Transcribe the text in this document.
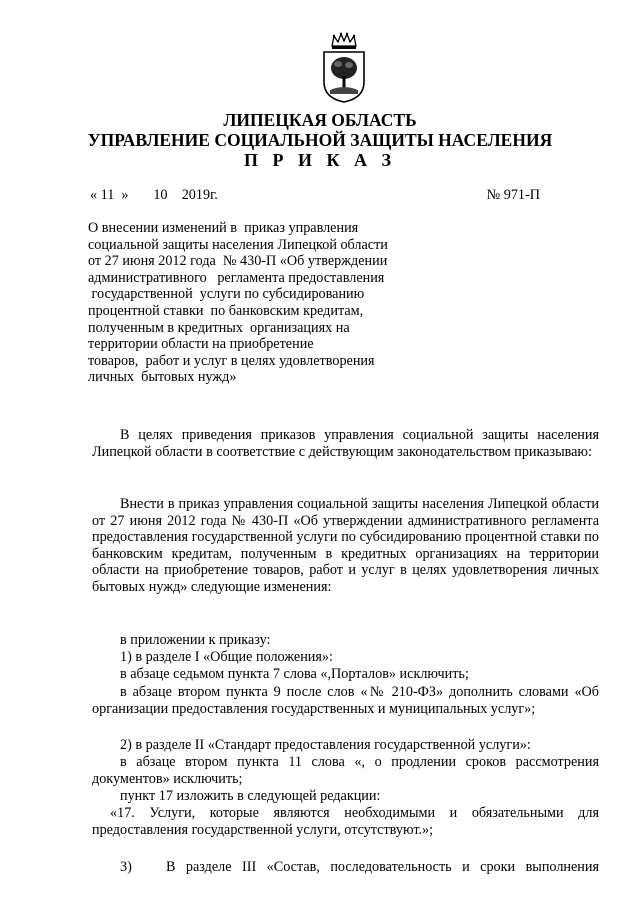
ЛИПЕЦКАЯ ОБЛАСТЬ
УПРАВЛЕНИЕ СОЦИАЛЬНОЙ ЗАЩИТЫ НАСЕЛЕНИЯ
П Р И К А З
« 11  » 10 2019г.	№ 971-П
О внесении изменений в  приказ управления
социальной защиты населения Липецкой области
от 27 июня 2012 года  № 430-П «Об утверждении
административного   регламента предоставления
государственной  услуги по субсидированию
процентной ставки  по банковским кредитам,
полученным в кредитных  организациях на
территории области на приобретение
товаров,  работ и услуг в целях удовлетворения
личных  бытовых нужд»

В целях приведения приказов управления социальной защиты населения Липецкой области в соответствие с действующим законодательством приказываю:

Внести в приказ управления социальной защиты населения Липецкой области от 27 июня 2012 года № 430-П «Об утверждении административного регламента предоставления государственной услуги по субсидированию процентной ставки по банковским кредитам, полученным в кредитных организациях на территории области на приобретение товаров, работ и услуг в целях удовлетворения личных бытовых нужд» следующие изменения:

в приложении к приказу:

1) в разделе I «Общие положения»:

в абзаце седьмом пункта 7 слова «,Порталов» исключить;

в абзаце втором пункта 9 после слов «№ 210-ФЗ» дополнить словами «Об организации предоставления государственных и муниципальных услуг»;

2) в разделе II «Стандарт предоставления государственной услуги»:

в абзаце втором пункта 11 слова «, о продлении сроков рассмотрения документов» исключить;

пункт 17 изложить в следующей редакции:

«17. Услуги, которые являются необходимыми и обязательными для предоставления государственной услуги, отсутствуют.»;

3)	В разделе III «Состав, последовательность и сроки выполнения
